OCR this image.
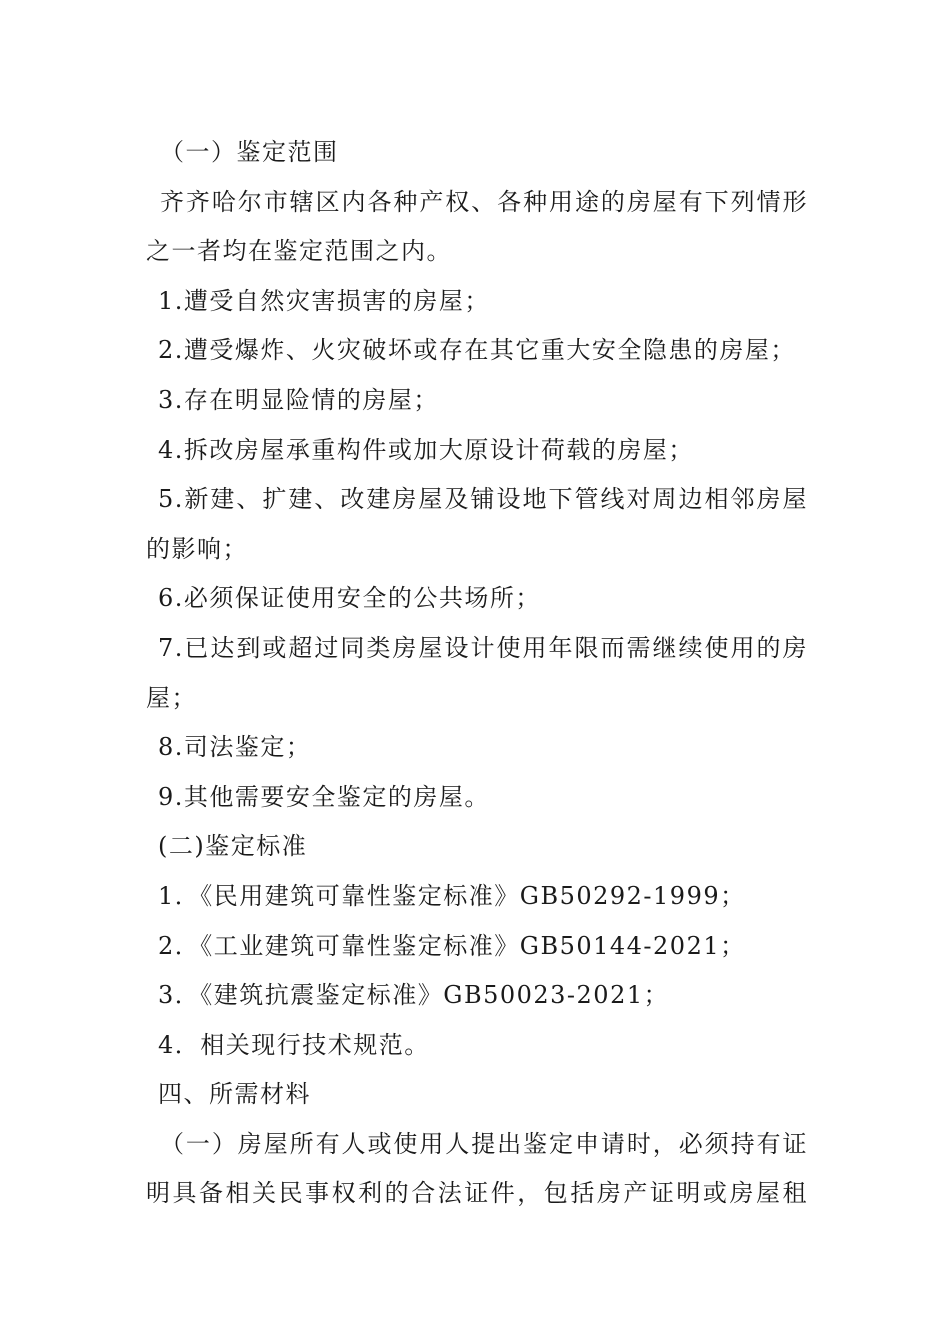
（一）鉴定范围
齐齐哈尔市辖区内各种产权、各种用途的房屋有下列情形
之一者均在鉴定范围之内。
1.遭受自然灾害损害的房屋；
2.遭受爆炸、火灾破坏或存在其它重大安全隐患的房屋；
3.存在明显险情的房屋；
4.拆改房屋承重构件或加大原设计荷载的房屋；
5.新建、扩建、改建房屋及铺设地下管线对周边相邻房屋
的影响；
6.必须保证使用安全的公共场所；
7.已达到或超过同类房屋设计使用年限而需继续使用的房
屋；
8.司法鉴定；
9.其他需要安全鉴定的房屋。
(二)鉴定标准
1．《民用建筑可靠性鉴定标准》GB50292-1999；
2．《工业建筑可靠性鉴定标准》GB50144-2021；
3．《建筑抗震鉴定标准》GB50023-2021；
4．相关现行技术规范。
四、所需材料
（一）房屋所有人或使用人提出鉴定申请时，必须持有证
明具备相关民事权利的合法证件，包括房产证明或房屋租
